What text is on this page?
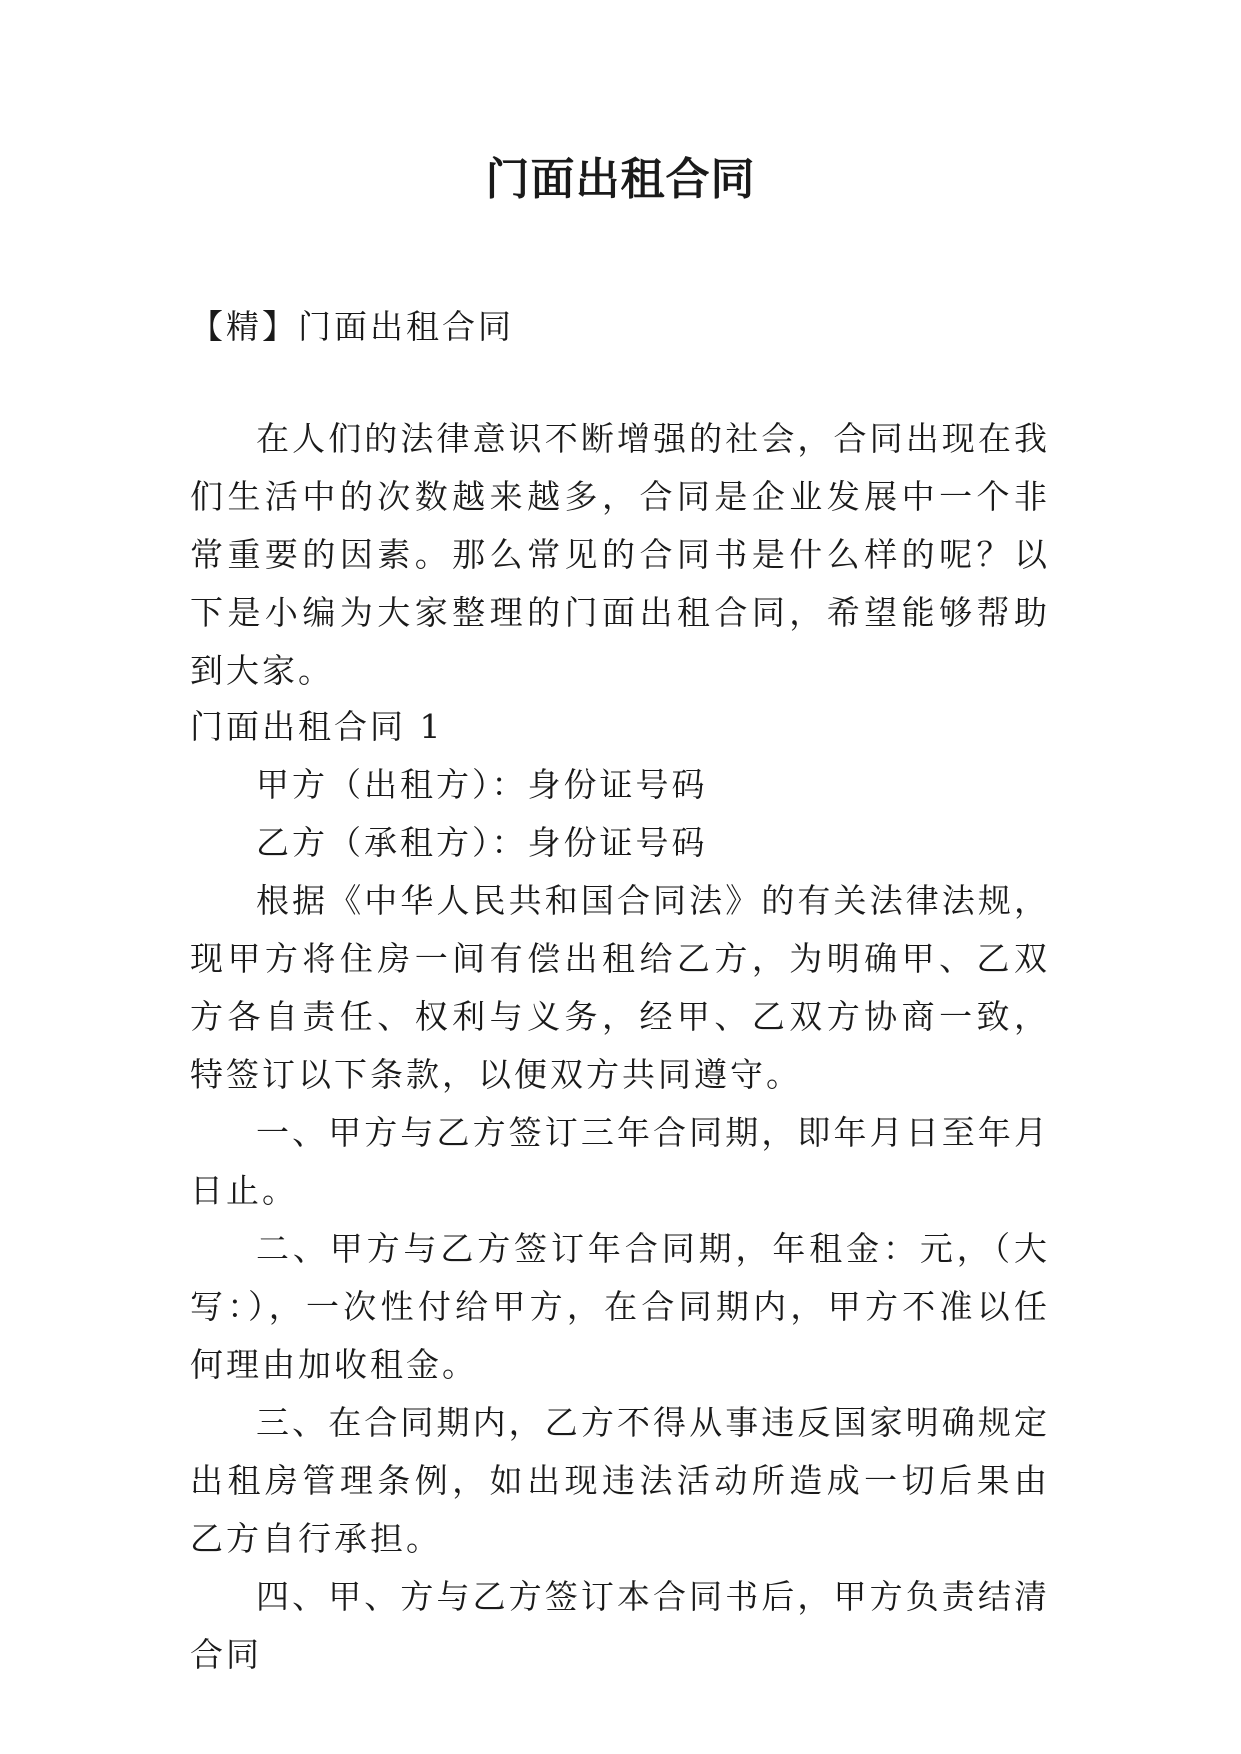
门面出租合同

【精】门面出租合同

在人们的法律意识不断增强的社会，合同出现在我们生活中的次数越来越多，合同是企业发展中一个非常重要的因素。那么常见的合同书是什么样的呢？以下是小编为大家整理的门面出租合同，希望能够帮助到大家。

门面出租合同 1

甲方（出租方）：身份证号码

乙方（承租方）：身份证号码

根据《中华人民共和国合同法》的有关法律法规，现甲方将住房一间有偿出租给乙方，为明确甲、乙双方各自责任、权利与义务，经甲、乙双方协商一致，特签订以下条款，以便双方共同遵守。

一、甲方与乙方签订三年合同期，即年月日至年月日止。

二、甲方与乙方签订年合同期，年租金：元，（大写：），一次性付给甲方，在合同期内，甲方不准以任何理由加收租金。

三、在合同期内，乙方不得从事违反国家明确规定出租房管理条例，如出现违法活动所造成一切后果由乙方自行承担。

四、甲、方与乙方签订本合同书后，甲方负责结清合同
